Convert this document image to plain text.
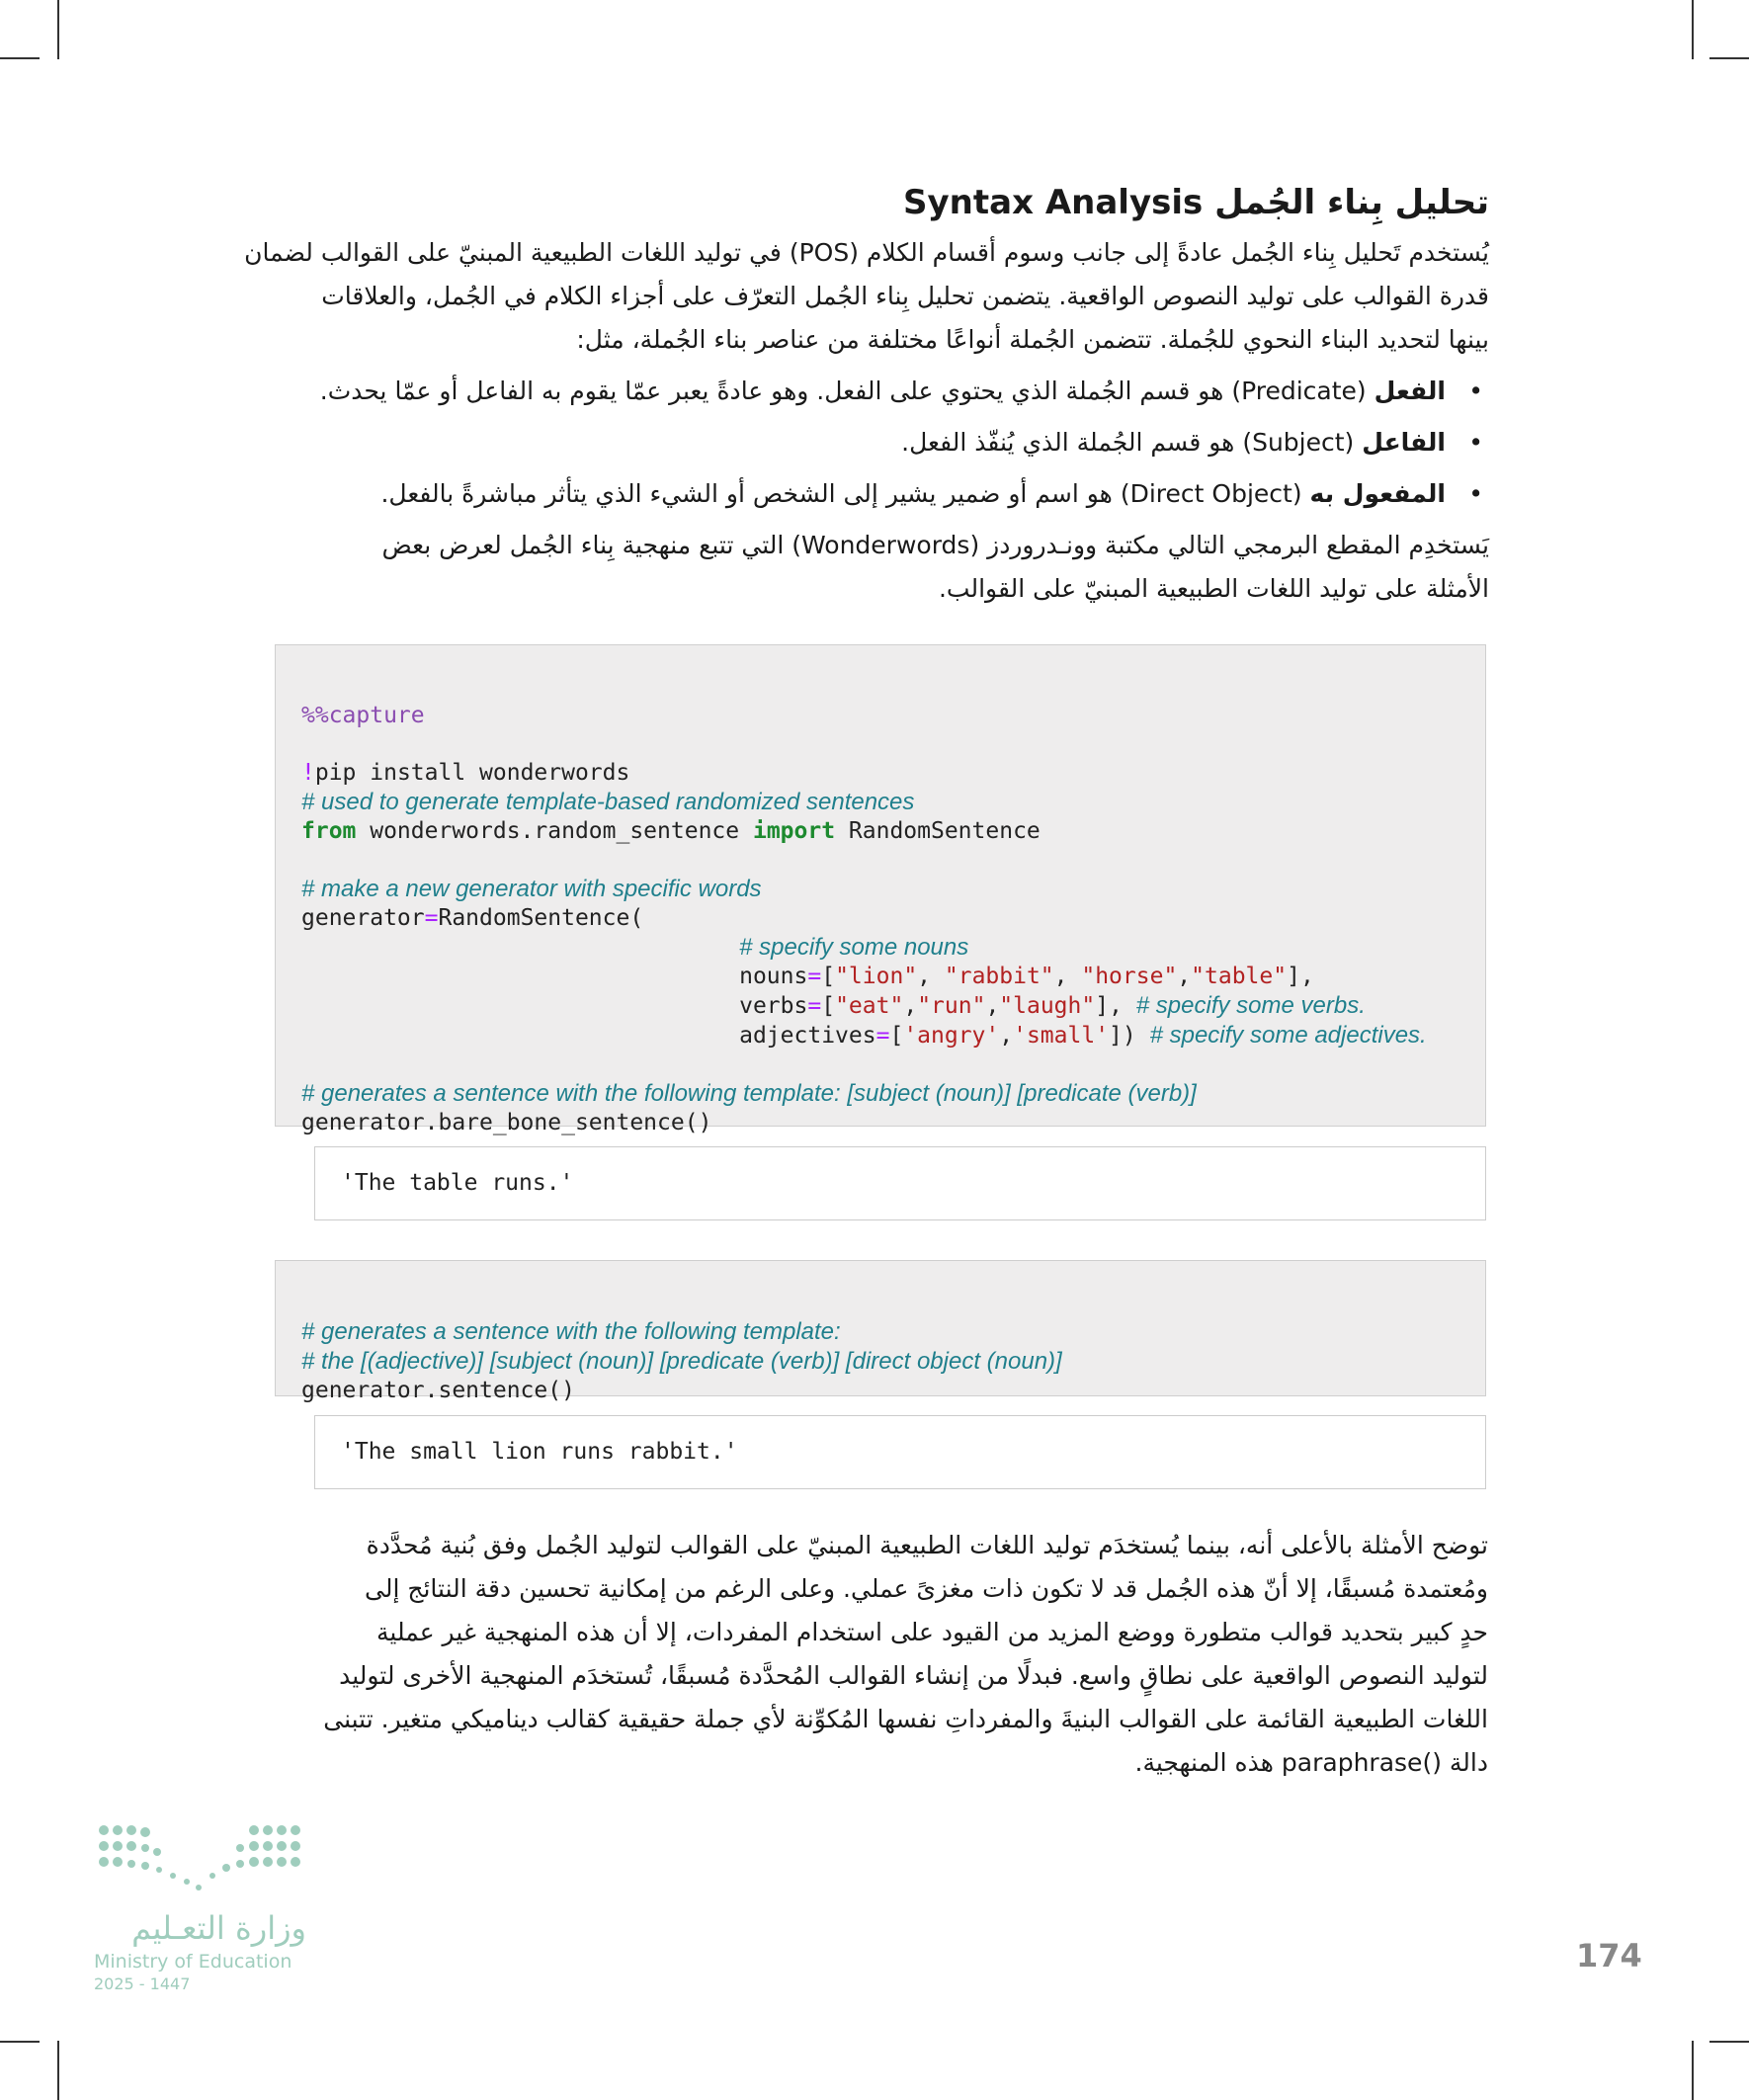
تحليل بِناء الجُمل Syntax Analysis

يُستخدم تَحليل بِناء الجُمل عادةً إلى جانب وسوم أقسام الكلام (POS) في توليد اللغات الطبيعية المبنيّ على القوالب لضمان

قدرة القوالب على توليد النصوص الواقعية. يتضمن تحليل بِناء الجُمل التعرّف على أجزاء الكلام في الجُمل، والعلاقات

بينها لتحديد البناء النحوي للجُملة. تتضمن الجُملة أنواعًا مختلفة من عناصر بناء الجُملة، مثل:

•
الفعل (Predicate) هو قسم الجُملة الذي يحتوي على الفعل. وهو عادةً يعبر عمّا يقوم به الفاعل أو عمّا يحدث.
•
الفاعل (Subject) هو قسم الجُملة الذي يُنفّذ الفعل.
•
المفعول به (Direct Object) هو اسم أو ضمير يشير إلى الشخص أو الشيء الذي يتأثر مباشرةً بالفعل.

يَستخدِم المقطع البرمجي التالي مكتبة وونـدروردز (Wonderwords) التي تتبع منهجية بِناء الجُمل لعرض بعض

الأمثلة على توليد اللغات الطبيعية المبنيّ على القوالب.

%%capture

!pip install wonderwords
# used to generate template-based randomized sentences
from wonderwords.random_sentence import RandomSentence

# make a new generator with specific words
generator=RandomSentence(
# specify some nouns
nouns=["lion", "rabbit", "horse","table"],
verbs=["eat","run","laugh"], # specify some verbs.
adjectives=['angry','small']) # specify some adjectives.

# generates a sentence with the following template: [subject (noun)] [predicate (verb)]
generator.bare_bone_sentence()
'The table runs.'

# generates a sentence with the following template:
# the [(adjective)] [subject (noun)] [predicate (verb)] [direct object (noun)]
generator.sentence()
'The small lion runs rabbit.'

توضح الأمثلة بالأعلى أنه، بينما يُستخدَم توليد اللغات الطبيعية المبنيّ على القوالب لتوليد الجُمل وفق بُنية مُحدَّدة

ومُعتمدة مُسبقًا، إلا أنّ هذه الجُمل قد لا تكون ذات مغزىً عملي. وعلى الرغم من إمكانية تحسين دقة النتائج إلى

حدٍ كبير بتحديد قوالب متطورة ووضع المزيد من القيود على استخدام المفردات، إلا أن هذه المنهجية غير عملية

لتوليد النصوص الواقعية على نطاقٍ واسع. فبدلًا من إنشاء القوالب المُحدَّدة مُسبقًا، تُستخدَم المنهجية الأخرى لتوليد

اللغات الطبيعية القائمة على القوالب البنيةَ والمفرداتِ نفسها المُكوِّنة لأي جملة حقيقية كقالب ديناميكي متغير. تتبنى

دالة ()paraphrase هذه المنهجية.

وزارة التعـليم
Ministry of Education
2025 - 1447
174
